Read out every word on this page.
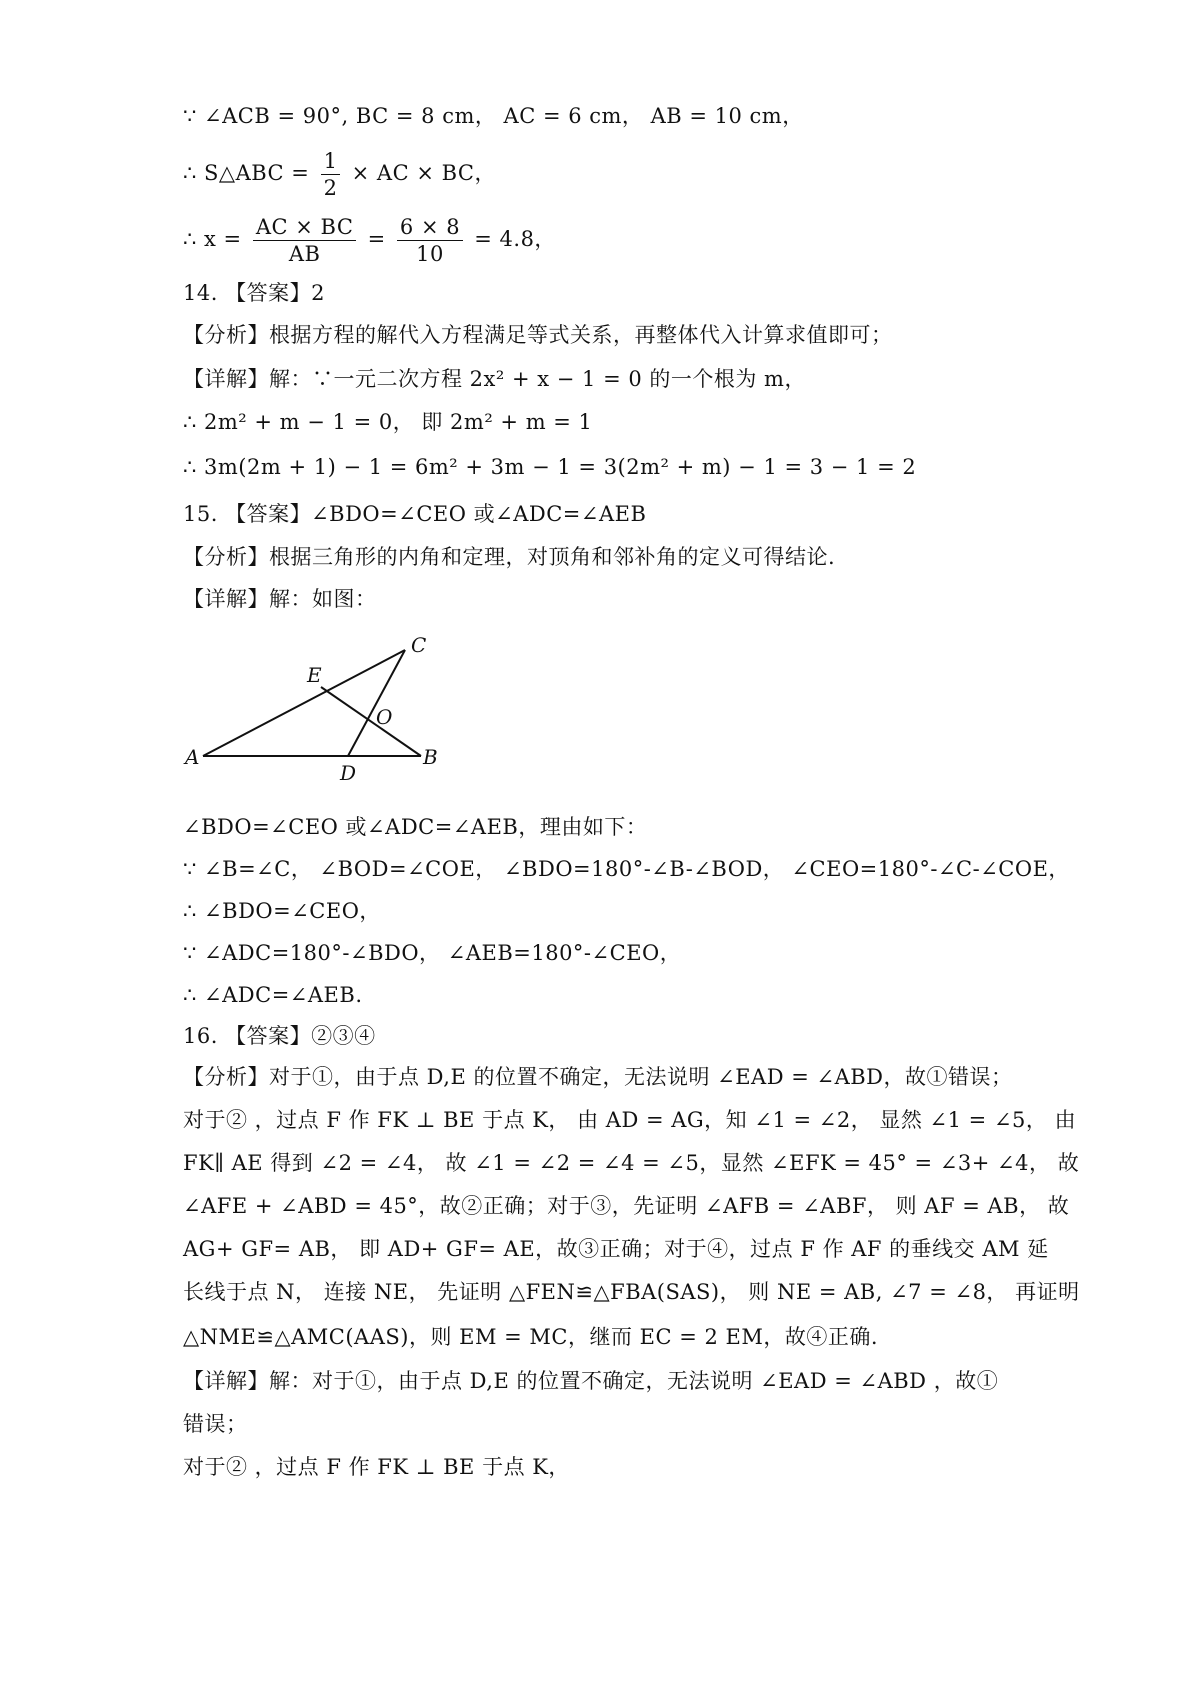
∵ ∠ACB = 90°, BC = 8 cm， AC = 6 cm， AB = 10 cm，
∴ S△ABC = $\frac{1}{2}$ × AC × BC，
∴ $x = \frac{AC \times BC}{AB} = \frac{6 \times 8}{10} = 4.8$，
14. 【答案】2
【分析】根据方程的解代入方程满足等式关系，再整体代入计算求值即可；
【详解】解：∵一元二次方程 2x² + x − 1 = 0 的一个根为 m，
∴ 2m² + m − 1 = 0， 即 2m² + m = 1
∴ 3m(2m + 1) − 1 = 6m² + 3m − 1 = 3(2m² + m) − 1 = 3 − 1 = 2
15. 【答案】∠BDO=∠CEO 或∠ADC=∠AEB
【分析】根据三角形的内角和定理，对顶角和邻补角的定义可得结论.
【详解】解：如图：
A	B
C
D
E
O
∠BDO=∠CEO 或∠ADC=∠AEB，理由如下：
∵ ∠B=∠C， ∠BOD=∠COE， ∠BDO=180°-∠B-∠BOD， ∠CEO=180°-∠C-∠COE，
∴ ∠BDO=∠CEO，
∵ ∠ADC=180°-∠BDO， ∠AEB=180°-∠CEO，
∴ ∠ADC=∠AEB.
16. 【答案】②③④
【分析】对于①，由于点 D,E 的位置不确定，无法说明 ∠EAD = ∠ABD，故①错误；
对于② ，过点 F 作 FK ⊥ BE 于点 K， 由 AD = AG，知 ∠1 = ∠2， 显然 ∠1 = ∠5， 由
FK∥ AE 得到 ∠2 = ∠4， 故 ∠1 = ∠2 = ∠4 = ∠5，显然 ∠EFK = 45° = ∠3+ ∠4， 故
∠AFE + ∠ABD = 45°，故②正确；对于③，先证明 ∠AFB = ∠ABF， 则 AF = AB， 故
AG+ GF= AB， 即 AD+ GF= AE，故③正确；对于④，过点 F 作 AF 的垂线交 AM 延
长线于点 N， 连接 NE， 先证明 △FEN≌△FBA(SAS)， 则 NE = AB, ∠7 = ∠8， 再证明
△NME≌△AMC(AAS)，则 EM = MC，继而 EC = 2 EM，故④正确.
【详解】解：对于①，由于点 D,E 的位置不确定，无法说明 ∠EAD = ∠ABD ，故①
错误；
对于② ，过点 F 作 FK ⊥ BE 于点 K，
